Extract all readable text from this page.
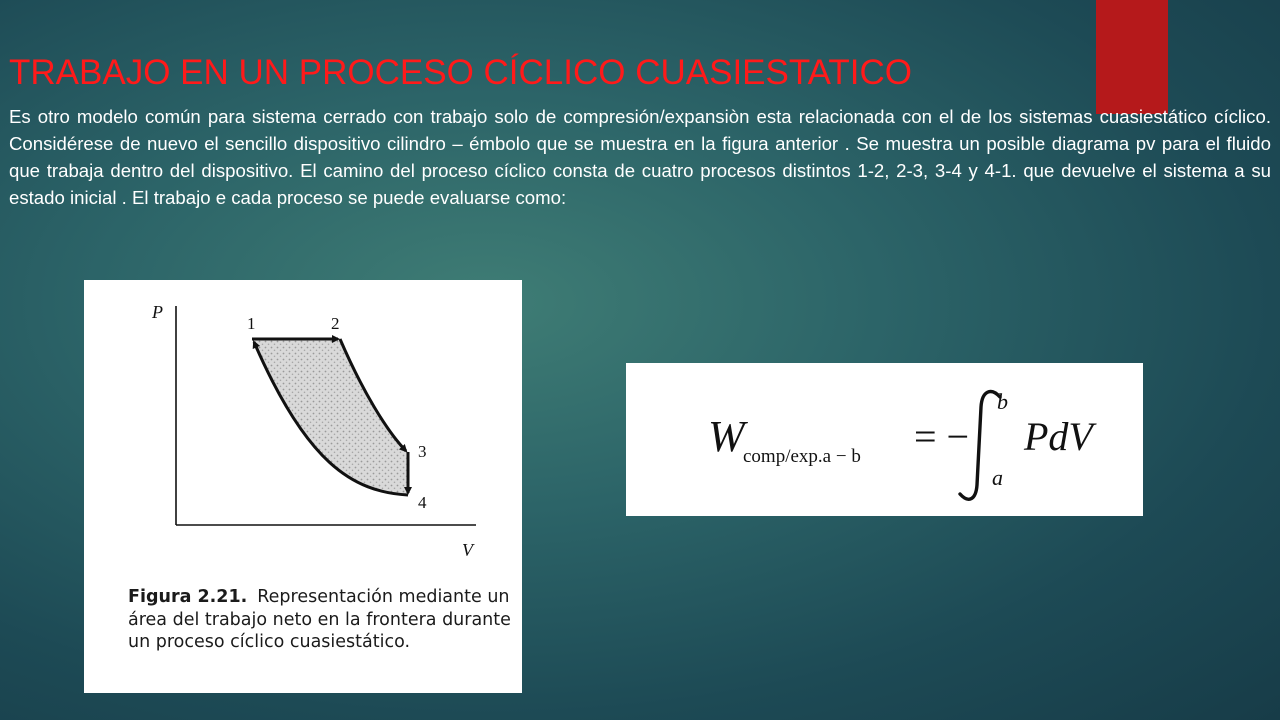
TRABAJO EN UN PROCESO CÍCLICO CUASIESTATICO

Es otro modelo común para sistema cerrado con trabajo solo de compresión/expansiòn esta relacionada con el de los sistemas cuasiestático cíclico. Considérese de nuevo el sencillo dispositivo cilindro – émbolo que se muestra en la figura anterior . Se muestra un posible diagrama pv para el fluido que trabaja dentro del dispositivo. El camino del proceso cíclico consta de cuatro procesos distintos 1-2, 2-3, 3-4 y 4-1. que devuelve el sistema a su estado inicial . El trabajo e cada proceso se puede evaluarse como:

P
V
1	2
3
4
Figura 2.21. Representación mediante un área del trabajo neto en la frontera durante un proceso cíclico cuasiestático.
W
comp/exp.a − b = −
b
a
PdV
